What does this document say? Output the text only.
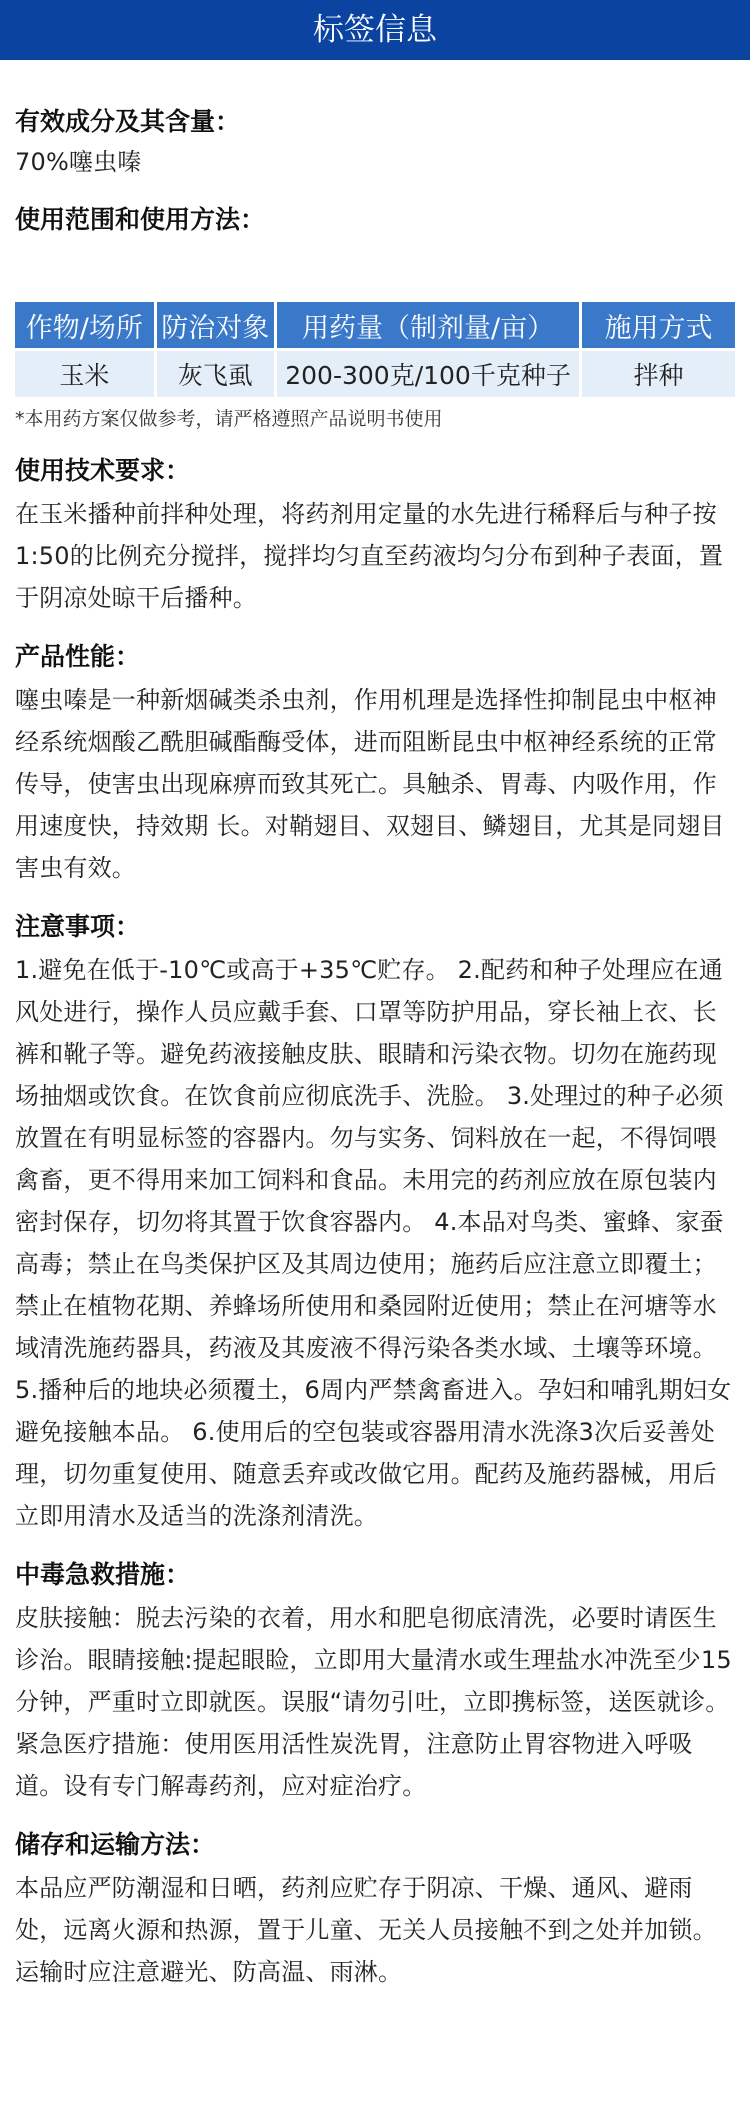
标签信息
有效成分及其含量：
70%噻虫嗪
使用范围和使用方法：
作物/场所	防治对象	用药量（制剂量/亩）	施用方式
玉米	灰飞虱	200-300克/100千克种子	拌种
*本用药方案仅做参考，请严格遵照产品说明书使用
使用技术要求：
在玉米播种前拌种处理，将药剂用定量的水先进行稀释后与种子按1:50的比例充分搅拌，搅拌均匀直至药液均匀分布到种子表面，置于阴凉处晾干后播种。
产品性能：
噻虫嗪是一种新烟碱类杀虫剂，作用机理是选择性抑制昆虫中枢神经系统烟酸乙酰胆碱酯酶受体，进而阻断昆虫中枢神经系统的正常传导，使害虫出现麻痹而致其死亡。具触杀、胃毒、内吸作用，作用速度快，持效期 长。对鞘翅目、双翅目、鳞翅目，尤其是同翅目害虫有效。
注意事项：
1.避免在低于-10℃或高于+35℃贮存。 2.配药和种子处理应在通风处进行，操作人员应戴手套、口罩等防护用品，穿长袖上衣、长裤和靴子等。避免药液接触皮肤、眼睛和污染衣物。切勿在施药现场抽烟或饮食。在饮食前应彻底洗手、洗脸。 3.处理过的种子必须放置在有明显标签的容器内。勿与实务、饲料放在一起，不得饲喂禽畜，更不得用来加工饲料和食品。未用完的药剂应放在原包装内密封保存，切勿将其置于饮食容器内。 4.本品对鸟类、蜜蜂、家蚕高毒；禁止在鸟类保护区及其周边使用；施药后应注意立即覆土；禁止在植物花期、养蜂场所使用和桑园附近使用；禁止在河塘等水域清洗施药器具，药液及其废液不得污染各类水域、土壤等环境。 5.播种后的地块必须覆土，6周内严禁禽畜进入。孕妇和哺乳期妇女避免接触本品。 6.使用后的空包装或容器用清水洗涤3次后妥善处理，切勿重复使用、随意丢弃或改做它用。配药及施药器械，用后立即用清水及适当的洗涤剂清洗。
中毒急救措施：
皮肤接触：脱去污染的衣着，用水和肥皂彻底清洗，必要时请医生诊治。眼睛接触:提起眼睑，立即用大量清水或生理盐水冲洗至少15分钟，严重时立即就医。误服“请勿引吐，立即携标签，送医就诊。紧急医疗措施：使用医用活性炭洗胃，注意防止胃容物进入呼吸道。设有专门解毒药剂，应对症治疗。
储存和运输方法：
本品应严防潮湿和日晒，药剂应贮存于阴凉、干燥、通风、避雨处，远离火源和热源，置于儿童、无关人员接触不到之处并加锁。运输时应注意避光、防高温、雨淋。
